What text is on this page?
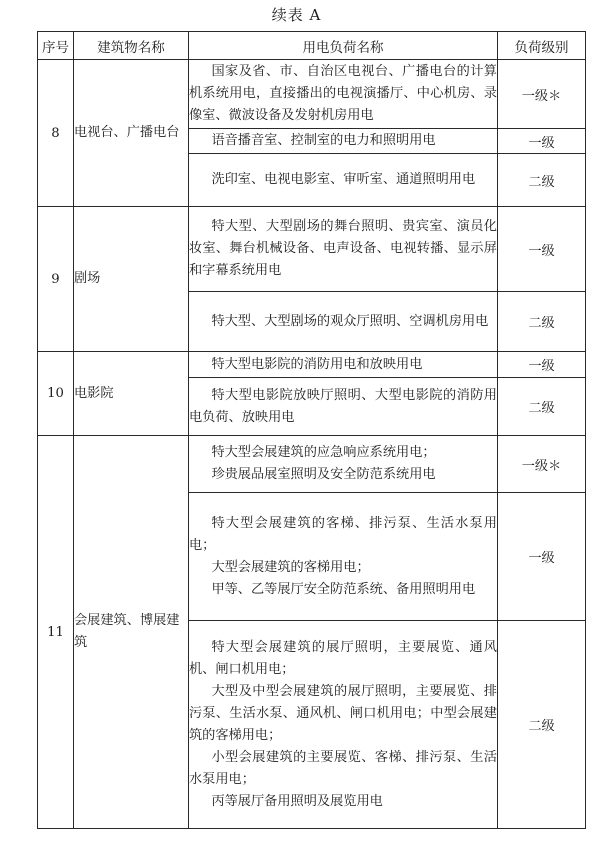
续表 A
序号	建筑物名称	用电负荷名称	负荷级别
8	电视台、广播电台	国家及省、市、自治区电视台、广播电台的计算机系统用电，直接播出的电视演播厅、中心机房、录像室、微波设备及发射机房用电	一级＊

		语音播音室、控制室的电力和照明用电	一级

		洗印室、电视电影室、审听室、通道照明用电	二级
9	剧场	特大型、大型剧场的舞台照明、贵宾室、演员化妆室、舞台机械设备、电声设备、电视转播、显示屏和字幕系统用电	一级

		特大型、大型剧场的观众厅照明、空调机房用电	二级
10	电影院	特大型电影院的消防用电和放映用电	一级

		特大型电影院放映厅照明、大型电影院的消防用电负荷、放映用电	二级
11	会展建筑、博展建筑	特大型会展建筑的应急响应系统用电；

珍贵展品展室照明及安全防范系统用电	一级＊

		特大型会展建筑的客梯、排污泵、生活水泵用电；

大型会展建筑的客梯用电；

甲等、乙等展厅安全防范系统、备用照明用电	一级

		特大型会展建筑的展厅照明，主要展览、通风机、闸口机用电；

大型及中型会展建筑的展厅照明，主要展览、排污泵、生活水泵、通风机、闸口机用电；中型会展建筑的客梯用电；

小型会展建筑的主要展览、客梯、排污泵、生活水泵用电；

丙等展厅备用照明及展览用电	二级
